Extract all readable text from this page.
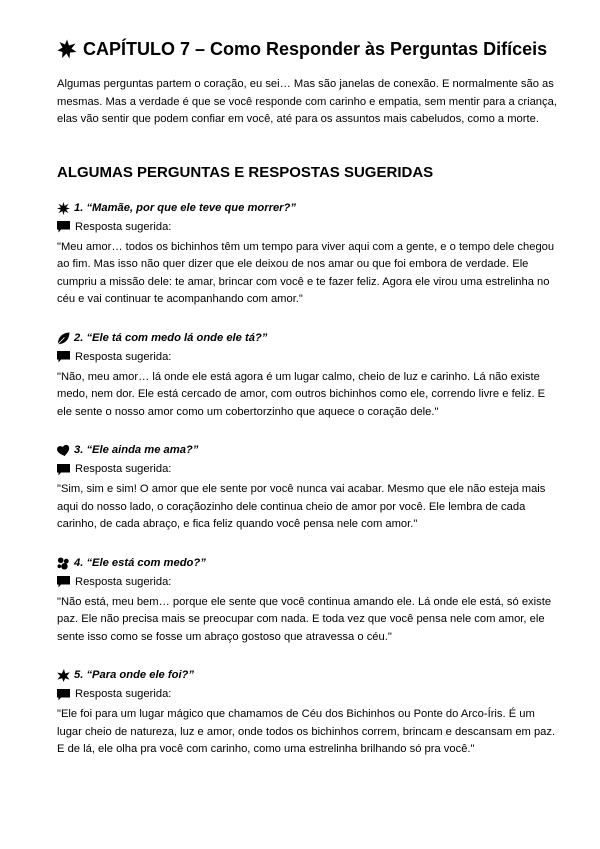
CAPÍTULO 7 – Como Responder às Perguntas Difíceis

Algumas perguntas partem o coração, eu sei… Mas são janelas de conexão. E normalmente são as mesmas. Mas a verdade é que se você responde com carinho e empatia, sem mentir para a criança, elas vão sentir que podem confiar em você, até para os assuntos mais cabeludos, como a morte.

ALGUMAS PERGUNTAS E RESPOSTAS SUGERIDAS
1. “Mamãe, por que ele teve que morrer?”
Resposta sugerida:

"Meu amor… todos os bichinhos têm um tempo para viver aqui com a gente, e o tempo dele chegou ao fim. Mas isso não quer dizer que ele deixou de nos amar ou que foi embora de verdade. Ele cumpriu a missão dele: te amar, brincar com você e te fazer feliz. Agora ele virou uma estrelinha no céu e vai continuar te acompanhando com amor."

2. “Ele tá com medo lá onde ele tá?”
Resposta sugerida:

"Não, meu amor… lá onde ele está agora é um lugar calmo, cheio de luz e carinho. Lá não existe medo, nem dor. Ele está cercado de amor, com outros bichinhos como ele, correndo livre e feliz. E ele sente o nosso amor como um cobertorzinho que aquece o coração dele."

3. “Ele ainda me ama?”
Resposta sugerida:

"Sim, sim e sim! O amor que ele sente por você nunca vai acabar. Mesmo que ele não esteja mais aqui do nosso lado, o coraçãozinho dele continua cheio de amor por você. Ele lembra de cada carinho, de cada abraço, e fica feliz quando você pensa nele com amor."

4. “Ele está com medo?”
Resposta sugerida:

"Não está, meu bem… porque ele sente que você continua amando ele. Lá onde ele está, só existe paz. Ele não precisa mais se preocupar com nada. E toda vez que você pensa nele com amor, ele sente isso como se fosse um abraço gostoso que atravessa o céu."

5. “Para onde ele foi?”
Resposta sugerida:

"Ele foi para um lugar mágico que chamamos de Céu dos Bichinhos ou Ponte do Arco-Íris. É um lugar cheio de natureza, luz e amor, onde todos os bichinhos correm, brincam e descansam em paz. E de lá, ele olha pra você com carinho, como uma estrelinha brilhando só pra você."
